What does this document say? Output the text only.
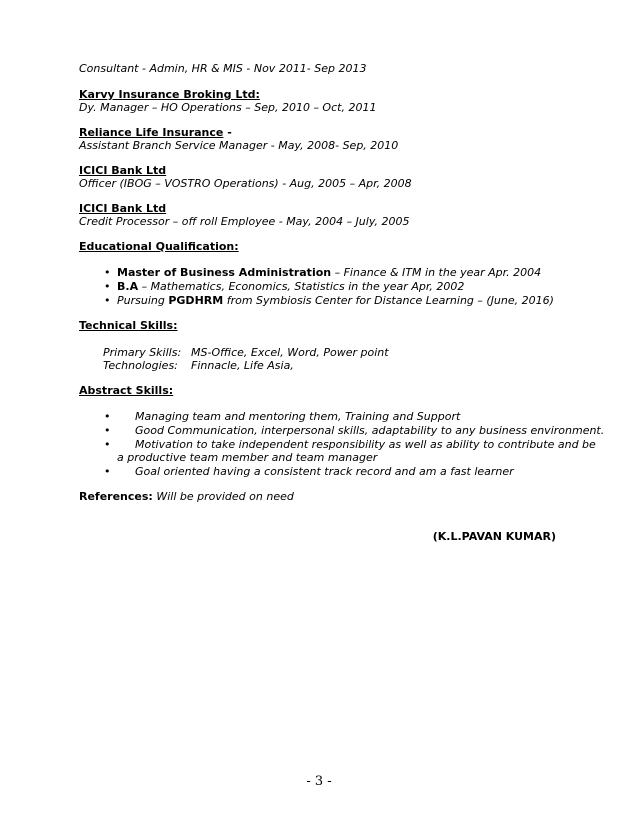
Consultant - Admin, HR & MIS - Nov 2011- Sep 2013
Karvy Insurance Broking Ltd:
Dy. Manager – HO Operations – Sep, 2010 – Oct, 2011
Reliance Life Insurance -
Assistant Branch Service Manager - May, 2008- Sep, 2010
ICICI Bank Ltd
Officer (IBOG – VOSTRO Operations) - Aug, 2005 – Apr, 2008
ICICI Bank Ltd
Credit Processor – off roll Employee - May, 2004 – July, 2005
Educational Qualification:
• Master of Business Administration – Finance & ITM in the year Apr. 2004
• B.A – Mathematics, Economics, Statistics in the year Apr, 2002
• Pursuing PGDHRM from Symbiosis Center for Distance Learning – (June, 2016)
Technical Skills:
Primary Skills: MS-Office, Excel, Word, Power point
Technologies: Finnacle, Life Asia,
Abstract Skills:
• Managing team and mentoring them, Training and Support
• Good Communication, interpersonal skills, adaptability to any business environment.
• Motivation to take independent responsibility as well as ability to contribute and be
a productive team member and team manager
• Goal oriented having a consistent track record and am a fast learner
References: Will be provided on need
(K.L.PAVAN KUMAR)
- 3 -
